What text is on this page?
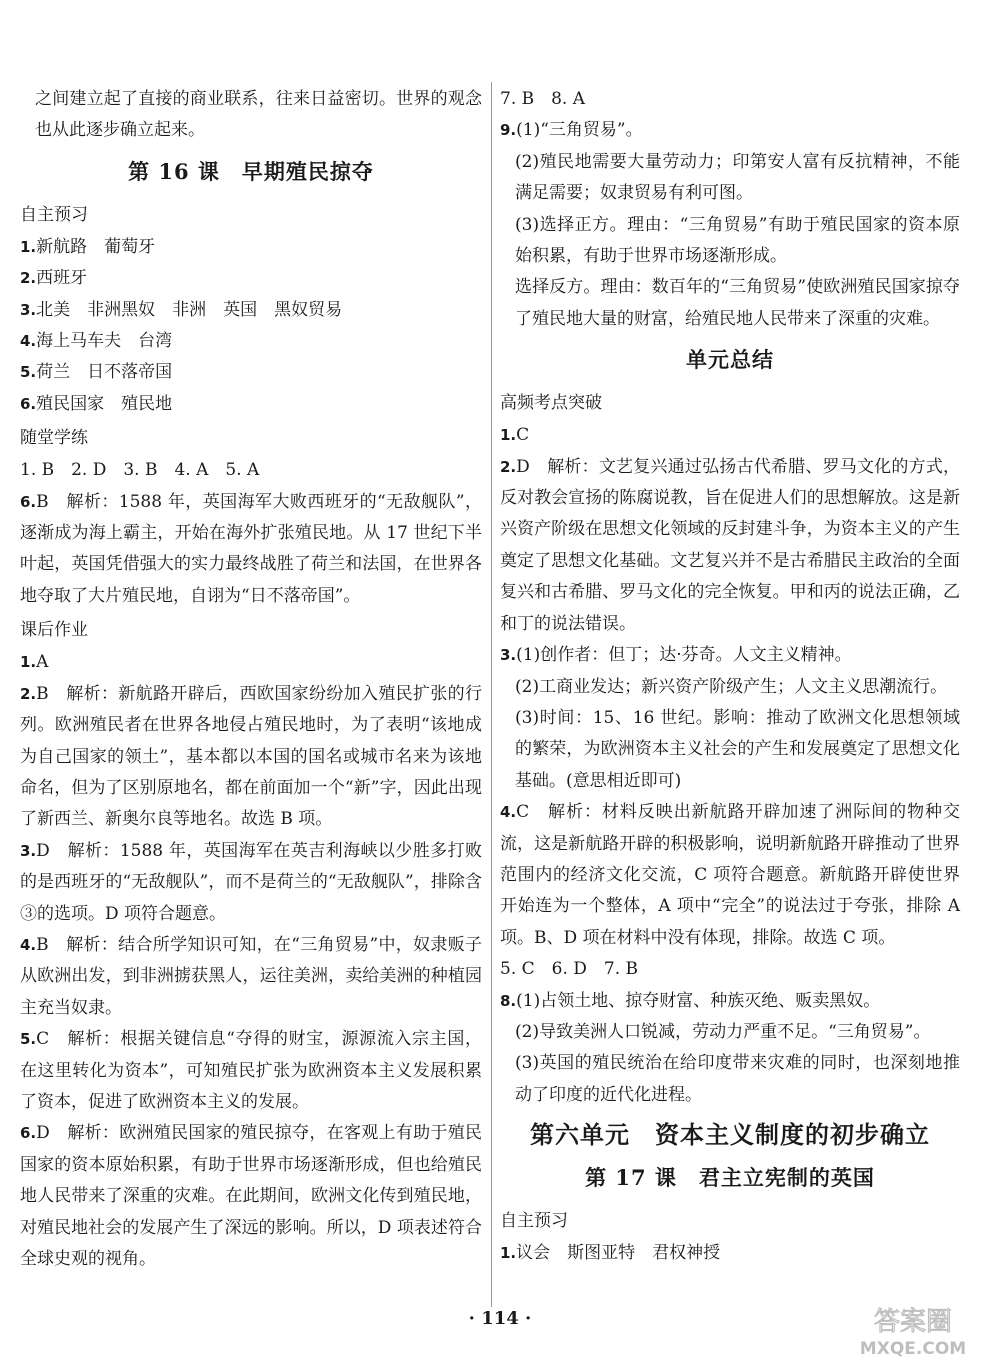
之间建立起了直接的商业联系，往来日益密切。世界的观念也从此逐步确立起来。

第 16 课　早期殖民掠夺
自主预习

1.新航路　葡萄牙

2.西班牙

3.北美　非洲黑奴　非洲　英国　黑奴贸易

4.海上马车夫　台湾

5.荷兰　日不落帝国

6.殖民国家　殖民地

随堂学练

1. B　2. D　3. B　4. A　5. A

6.B　解析：1588 年，英国海军大败西班牙的“无敌舰队”，逐渐成为海上霸主，开始在海外扩张殖民地。从 17 世纪下半叶起，英国凭借强大的实力最终战胜了荷兰和法国，在世界各地夺取了大片殖民地，自诩为“日不落帝国”。

课后作业

1.A

2.B　解析：新航路开辟后，西欧国家纷纷加入殖民扩张的行列。欧洲殖民者在世界各地侵占殖民地时，为了表明“该地成为自己国家的领土”，基本都以本国的国名或城市名来为该地命名，但为了区别原地名，都在前面加一个“新”字，因此出现了新西兰、新奥尔良等地名。故选 B 项。

3.D　解析：1588 年，英国海军在英吉利海峡以少胜多打败的是西班牙的“无敌舰队”，而不是荷兰的“无敌舰队”，排除含③的选项。D 项符合题意。

4.B　解析：结合所学知识可知，在“三角贸易”中，奴隶贩子从欧洲出发，到非洲掳获黑人，运往美洲，卖给美洲的种植园主充当奴隶。

5.C　解析：根据关键信息“夺得的财宝，源源流入宗主国，在这里转化为资本”，可知殖民扩张为欧洲资本主义发展积累了资本，促进了欧洲资本主义的发展。

6.D　解析：欧洲殖民国家的殖民掠夺，在客观上有助于殖民国家的资本原始积累，有助于世界市场逐渐形成，但也给殖民地人民带来了深重的灾难。在此期间，欧洲文化传到殖民地，对殖民地社会的发展产生了深远的影响。所以，D 项表述符合全球史观的视角。

7. B　8. A

9.(1)“三角贸易”。

(2)殖民地需要大量劳动力；印第安人富有反抗精神，不能满足需要；奴隶贸易有利可图。

(3)选择正方。理由：“三角贸易”有助于殖民国家的资本原始积累，有助于世界市场逐渐形成。

选择反方。理由：数百年的“三角贸易”使欧洲殖民国家掠夺了殖民地大量的财富，给殖民地人民带来了深重的灾难。

单元总结
高频考点突破

1.C

2.D　解析：文艺复兴通过弘扬古代希腊、罗马文化的方式，反对教会宣扬的陈腐说教，旨在促进人们的思想解放。这是新兴资产阶级在思想文化领域的反封建斗争，为资本主义的产生奠定了思想文化基础。文艺复兴并不是古希腊民主政治的全面复兴和古希腊、罗马文化的完全恢复。甲和丙的说法正确，乙和丁的说法错误。

3.(1)创作者：但丁；达·芬奇。人文主义精神。

(2)工商业发达；新兴资产阶级产生；人文主义思潮流行。

(3)时间：15、16 世纪。影响：推动了欧洲文化思想领域的繁荣，为欧洲资本主义社会的产生和发展奠定了思想文化基础。(意思相近即可)

4.C　解析：材料反映出新航路开辟加速了洲际间的物种交流，这是新航路开辟的积极影响，说明新航路开辟推动了世界范围内的经济文化交流，C 项符合题意。新航路开辟使世界开始连为一个整体，A 项中“完全”的说法过于夸张，排除 A 项。B、D 项在材料中没有体现，排除。故选 C 项。

5. C　6. D　7. B

8.(1)占领土地、掠夺财富、种族灭绝、贩卖黑奴。

(2)导致美洲人口锐减，劳动力严重不足。“三角贸易”。

(3)英国的殖民统治在给印度带来灾难的同时，也深刻地推动了印度的近代化进程。

第六单元　资本主义制度的初步确立
第 17 课　君主立宪制的英国
自主预习

1.议会　斯图亚特　君权神授

· 114 ·	答案圈
MXQE.COM
